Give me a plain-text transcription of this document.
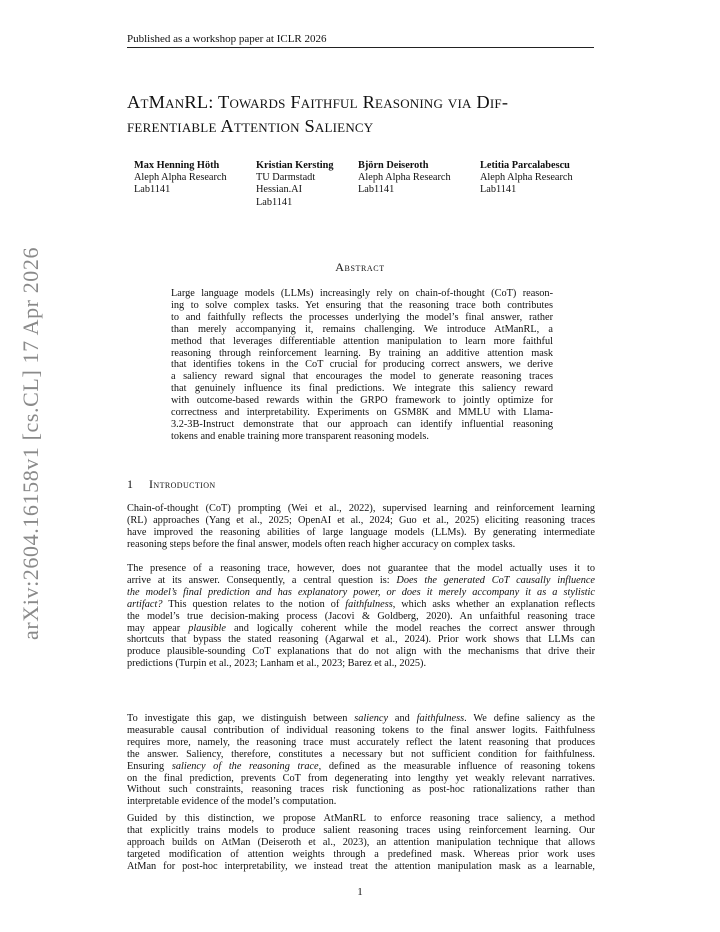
Published as a workshop paper at ICLR 2026
arXiv:2604.16158v1 [cs.CL] 17 Apr 2026
AtManRL: Towards Faithful Reasoning via Dif-
ferentiable Attention Saliency
Max Henning Höth
Aleph Alpha Research
Lab1141
Kristian Kersting
TU Darmstadt
Hessian.AI
Lab1141
Björn Deiseroth
Aleph Alpha Research
Lab1141
Letitia Parcalabescu
Aleph Alpha Research
Lab1141
Abstract
Large language models (LLMs) increasingly rely on chain-of-thought (CoT) reason-
ing to solve complex tasks. Yet ensuring that the reasoning trace both contributes
to and faithfully reflects the processes underlying the model’s final answer, rather
than merely accompanying it, remains challenging. We introduce AtManRL, a
method that leverages differentiable attention manipulation to learn more faithful
reasoning through reinforcement learning. By training an additive attention mask
that identifies tokens in the CoT crucial for producing correct answers, we derive
a saliency reward signal that encourages the model to generate reasoning traces
that genuinely influence its final predictions. We integrate this saliency reward
with outcome-based rewards within the GRPO framework to jointly optimize for
correctness and interpretability. Experiments on GSM8K and MMLU with Llama-
3.2-3B-Instruct demonstrate that our approach can identify influential reasoning
tokens and enable training more transparent reasoning models.
1 Introduction
Chain-of-thought (CoT) prompting (Wei et al., 2022), supervised learning and reinforcement learning
(RL) approaches (Yang et al., 2025; OpenAI et al., 2024; Guo et al., 2025) eliciting reasoning traces
have improved the reasoning abilities of large language models (LLMs). By generating intermediate
reasoning steps before the final answer, models often reach higher accuracy on complex tasks.
The presence of a reasoning trace, however, does not guarantee that the model actually uses it to
arrive at its answer. Consequently, a central question is: Does the generated CoT causally influence
the model’s final prediction and has explanatory power, or does it merely accompany it as a stylistic
artifact? This question relates to the notion of faithfulness, which asks whether an explanation reflects
the model’s true decision-making process (Jacovi & Goldberg, 2020). An unfaithful reasoning trace
may appear plausible and logically coherent while the model reaches the correct answer through
shortcuts that bypass the stated reasoning (Agarwal et al., 2024). Prior work shows that LLMs can
produce plausible-sounding CoT explanations that do not align with the mechanisms that drive their
predictions (Turpin et al., 2023; Lanham et al., 2023; Barez et al., 2025).
To investigate this gap, we distinguish between saliency and faithfulness. We define saliency as the
measurable causal contribution of individual reasoning tokens to the final answer logits. Faithfulness
requires more, namely, the reasoning trace must accurately reflect the latent reasoning that produces
the answer. Saliency, therefore, constitutes a necessary but not sufficient condition for faithfulness.
Ensuring saliency of the reasoning trace, defined as the measurable influence of reasoning tokens
on the final prediction, prevents CoT from degenerating into lengthy yet weakly relevant narratives.
Without such constraints, reasoning traces risk functioning as post-hoc rationalizations rather than
interpretable evidence of the model’s computation.
Guided by this distinction, we propose AtManRL to enforce reasoning trace saliency, a method
that explicitly trains models to produce salient reasoning traces using reinforcement learning. Our
approach builds on AtMan (Deiseroth et al., 2023), an attention manipulation technique that allows
targeted modification of attention weights through a predefined mask. Whereas prior work uses
AtMan for post-hoc interpretability, we instead treat the attention manipulation mask as a learnable,
1
